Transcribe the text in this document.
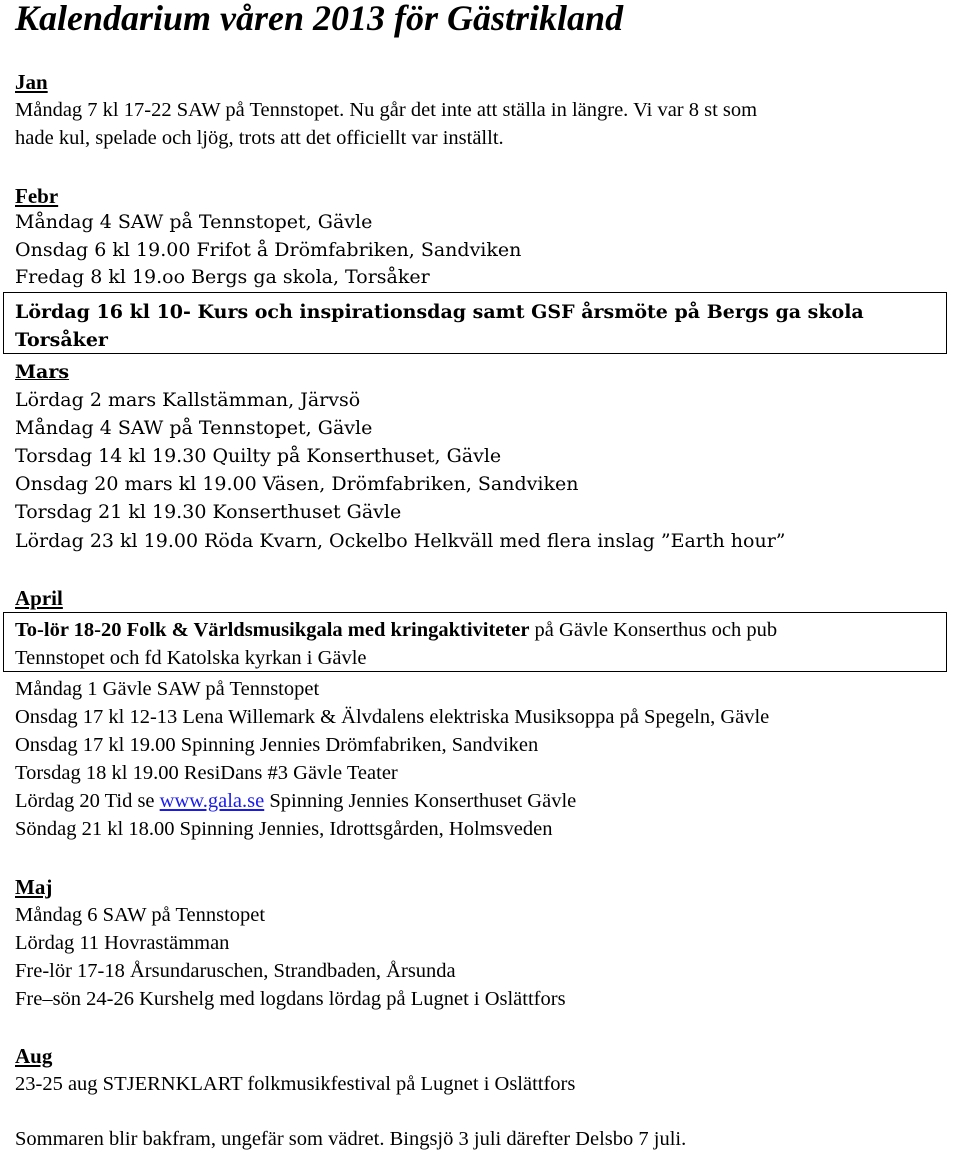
Kalendarium våren 2013 för Gästrikland
Jan
Måndag 7 kl 17-22 SAW på Tennstopet. Nu går det inte att ställa in längre. Vi var 8 st som
hade kul, spelade och ljög, trots att det officiellt var inställt.
Febr
Måndag 4 SAW på Tennstopet, Gävle
Onsdag 6 kl 19.00 Frifot å Drömfabriken, Sandviken
Fredag 8 kl 19.oo Bergs ga skola, Torsåker
Lördag 16 kl 10- Kurs och inspirationsdag samt GSF årsmöte på Bergs ga skola
Torsåker
Mars
Lördag 2 mars Kallstämman, Järvsö
Måndag 4 SAW på Tennstopet, Gävle
Torsdag 14 kl 19.30 Quilty på Konserthuset, Gävle
Onsdag 20 mars kl 19.00 Väsen, Drömfabriken, Sandviken
Torsdag 21 kl 19.30 Konserthuset Gävle
Lördag 23 kl 19.00 Röda Kvarn, Ockelbo Helkväll med flera inslag ”Earth hour”
April
To-lör 18-20 Folk & Världsmusikgala med kringaktiviteter på Gävle Konserthus och pub
Tennstopet och fd Katolska kyrkan i Gävle
Måndag 1 Gävle SAW på Tennstopet
Onsdag 17 kl 12-13 Lena Willemark & Älvdalens elektriska Musiksoppa på Spegeln, Gävle
Onsdag 17 kl 19.00 Spinning Jennies Drömfabriken, Sandviken
Torsdag 18 kl 19.00 ResiDans #3 Gävle Teater
Lördag 20 Tid se www.gala.se Spinning Jennies Konserthuset Gävle
Söndag 21 kl 18.00 Spinning Jennies, Idrottsgården, Holmsveden
Maj
Måndag 6 SAW på Tennstopet
Lördag 11 Hovrastämman
Fre-lör 17-18 Årsundaruschen, Strandbaden, Årsunda
Fre–sön 24-26 Kurshelg med logdans lördag på Lugnet i Oslättfors
Aug
23-25 aug STJERNKLART folkmusikfestival på Lugnet i Oslättfors
Sommaren blir bakfram, ungefär som vädret. Bingsjö 3 juli därefter Delsbo 7 juli.
